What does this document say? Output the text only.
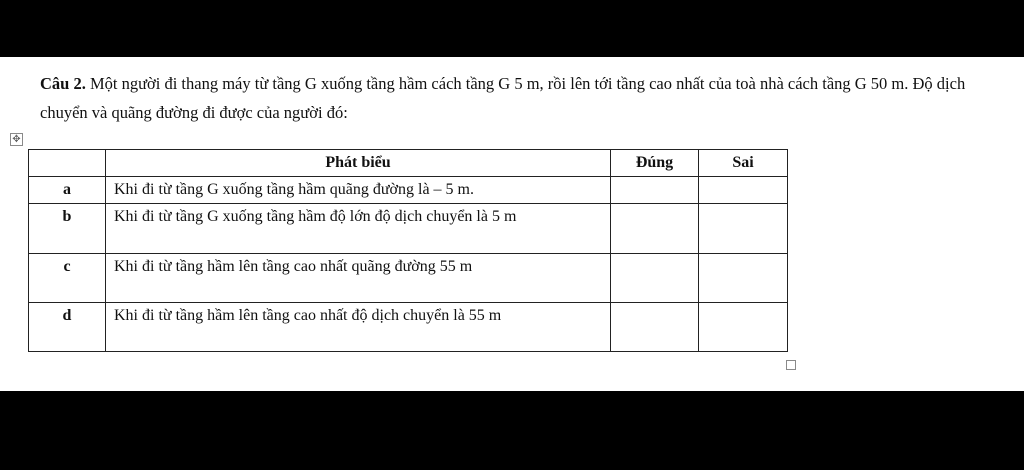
Câu 2. Một người đi thang máy từ tầng G xuống tầng hầm cách tầng G 5 m, rồi lên tới tầng cao nhất của toà nhà cách tầng G 50 m. Độ dịch chuyển và quãng đường đi được của người đó:
✥
	Phát biểu	Đúng	Sai
a	Khi đi từ tầng G xuống tầng hầm quãng đường là – 5 m.		
b	Khi đi từ tầng G xuống tầng hầm độ lớn độ dịch chuyển là 5 m		
c	Khi đi từ tầng hầm lên tầng cao nhất quãng đường 55 m		
d	Khi đi từ tầng hầm lên tầng cao nhất độ dịch chuyển là 55 m		
